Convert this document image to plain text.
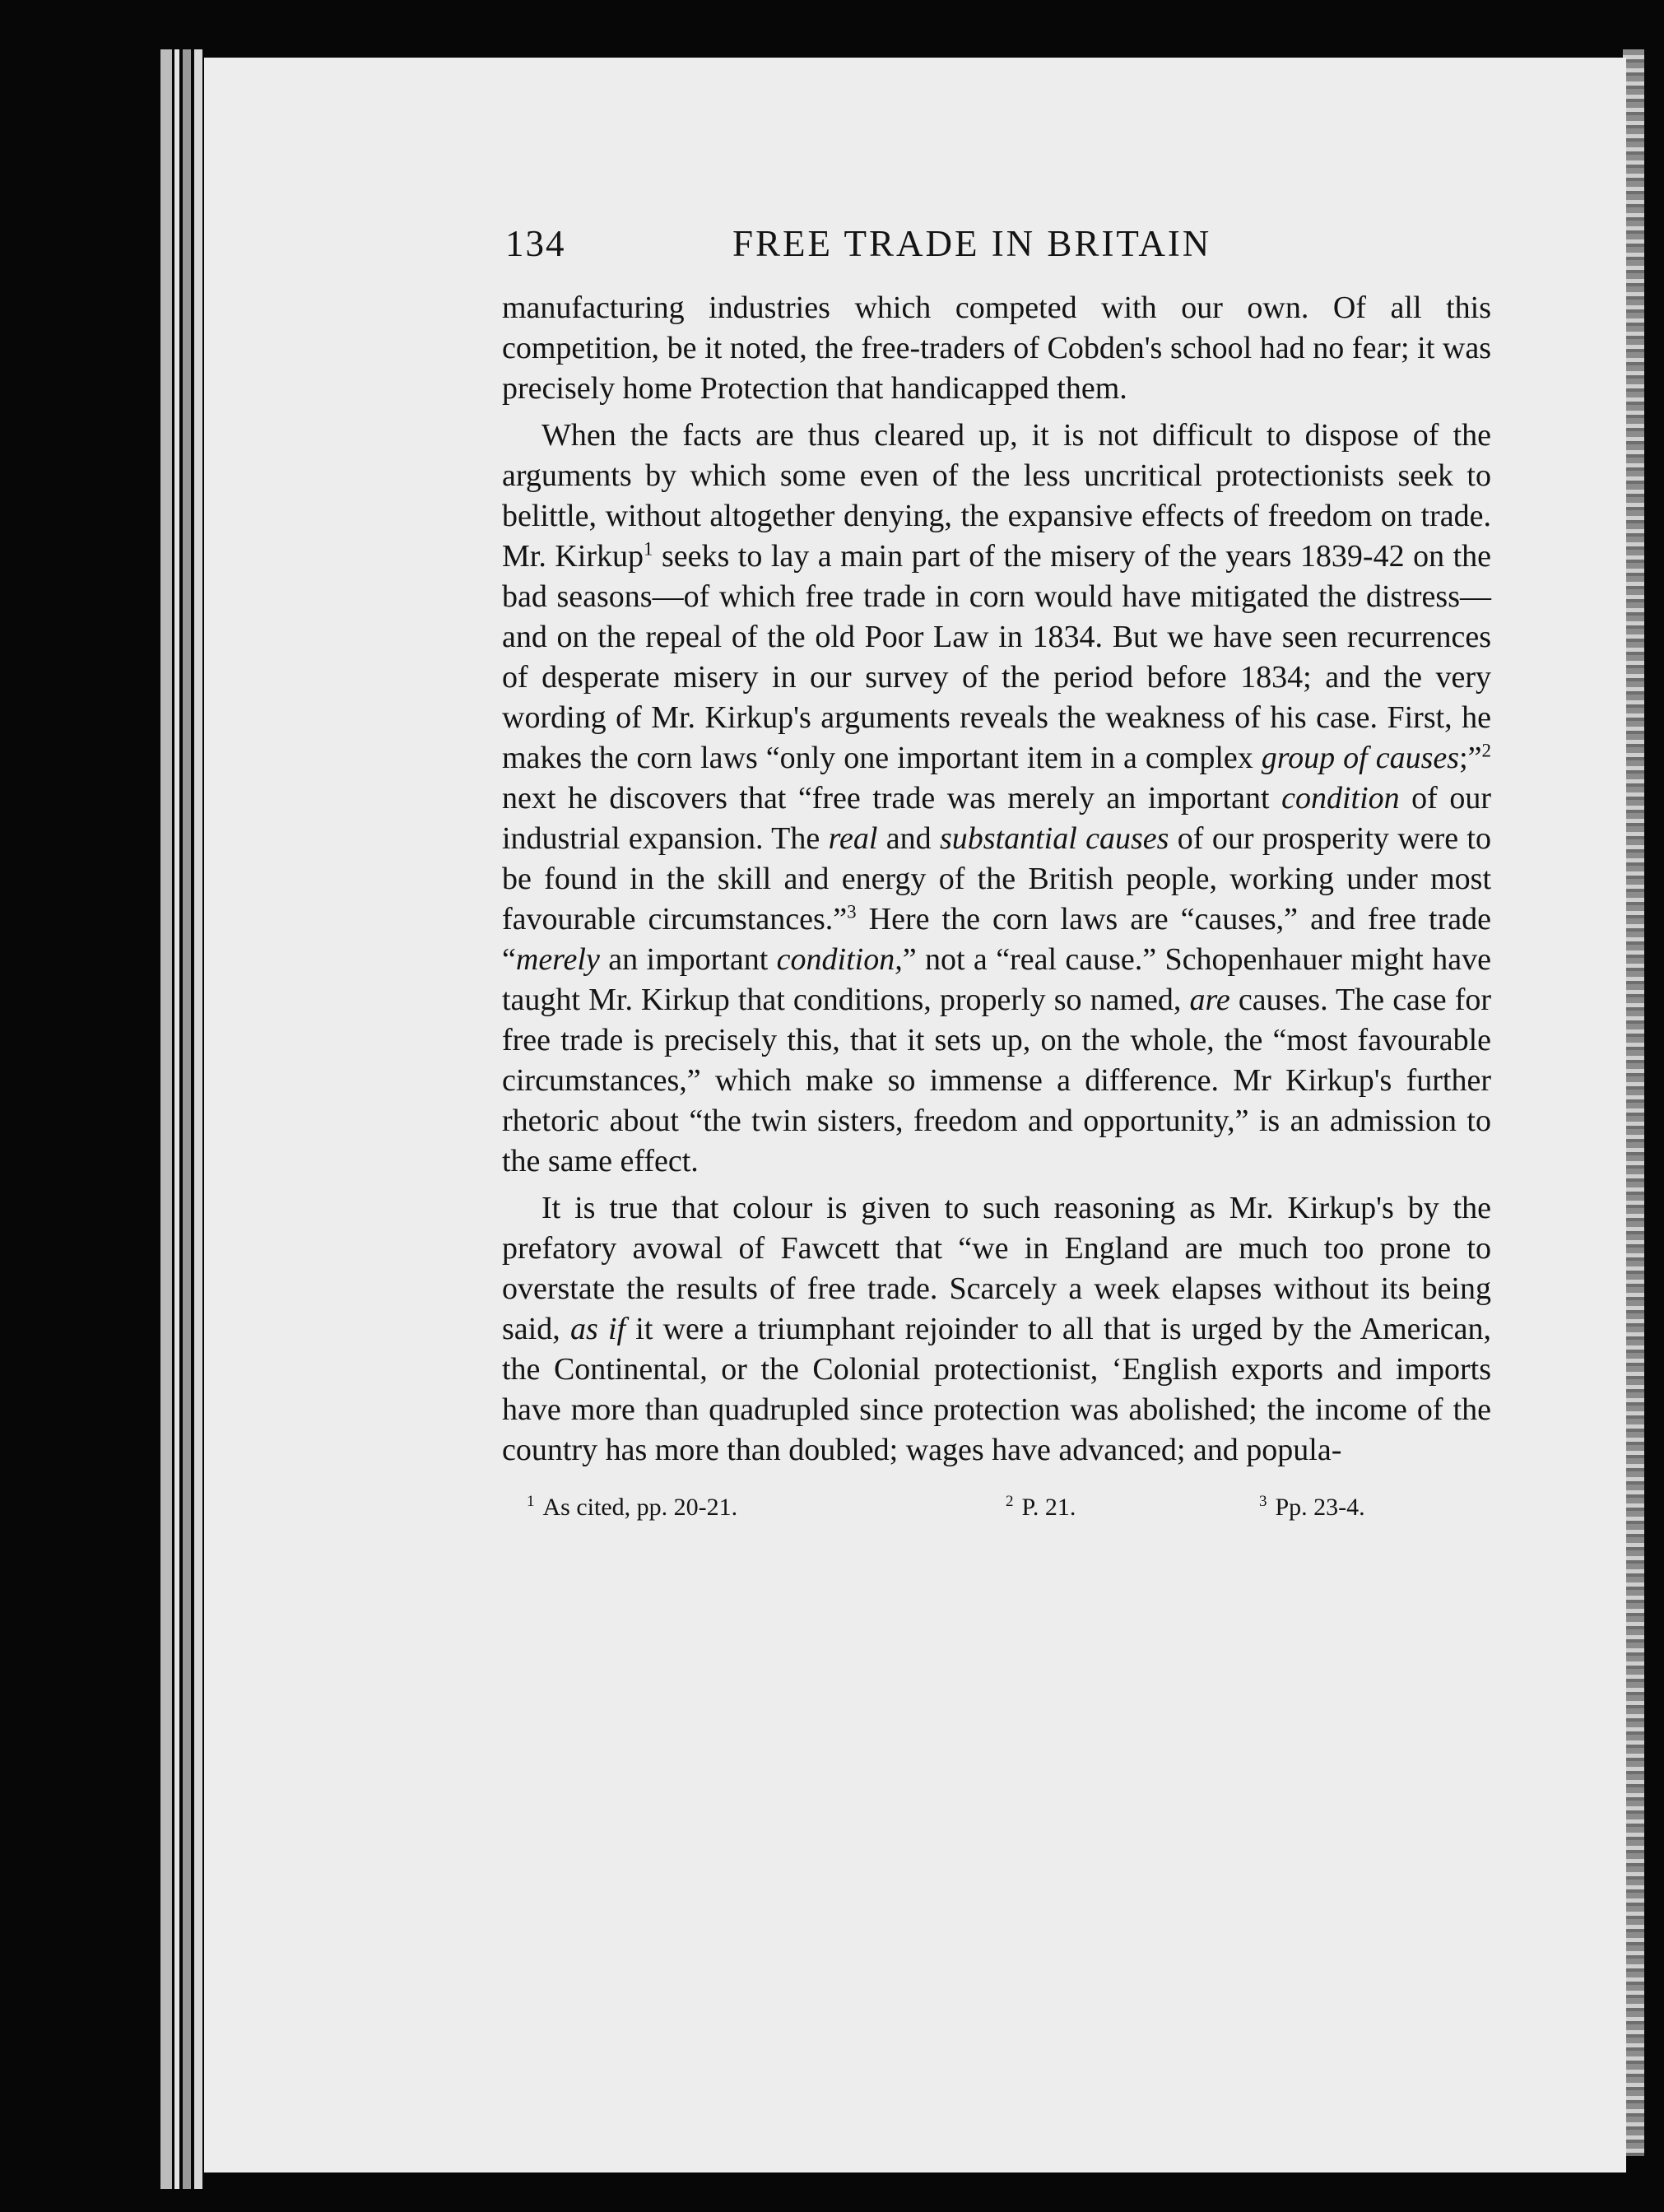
134	FREE TRADE IN BRITAIN

manufacturing industries which competed with our own. Of all this competition, be it noted, the free-traders of Cobden's school had no fear; it was precisely home Protection that handicapped them.

When the facts are thus cleared up, it is not difficult to dispose of the arguments by which some even of the less uncritical protectionists seek to belittle, without altogether denying, the expansive effects of freedom on trade. Mr. Kirkup$^1$ seeks to lay a main part of the misery of the years 1839-42 on the bad seasons—of which free trade in corn would have mitigated the distress—and on the repeal of the old Poor Law in 1834. But we have seen recurrences of desperate misery in our survey of the period before 1834; and the very wording of Mr. Kirkup's arguments reveals the weakness of his case. First, he makes the corn laws “only one important item in a complex group of causes;”$^2$ next he discovers that “free trade was merely an important condition of our industrial expansion. The real and substantial causes of our prosperity were to be found in the skill and energy of the British people, working under most favourable circumstances.”$^3$ Here the corn laws are “causes,” and free trade “merely an important condition,” not a “real cause.” Schopenhauer might have taught Mr. Kirkup that conditions, properly so named, are causes. The case for free trade is precisely this, that it sets up, on the whole, the “most favourable circumstances,” which make so immense a difference. Mr Kirkup's further rhetoric about “the twin sisters, freedom and opportunity,” is an admission to the same effect.

It is true that colour is given to such reasoning as Mr. Kirkup's by the prefatory avowal of Fawcett that “we in England are much too prone to overstate the results of free trade. Scarcely a week elapses without its being said, as if it were a triumphant rejoinder to all that is urged by the American, the Continental, or the Colonial protectionist, ‘English exports and imports have more than quadrupled since protection was abolished; the income of the country has more than doubled; wages have advanced; and popula-

$^1$ As cited, pp. 20-21.	$^2$ P. 21.	$^3$ Pp. 23-4.
